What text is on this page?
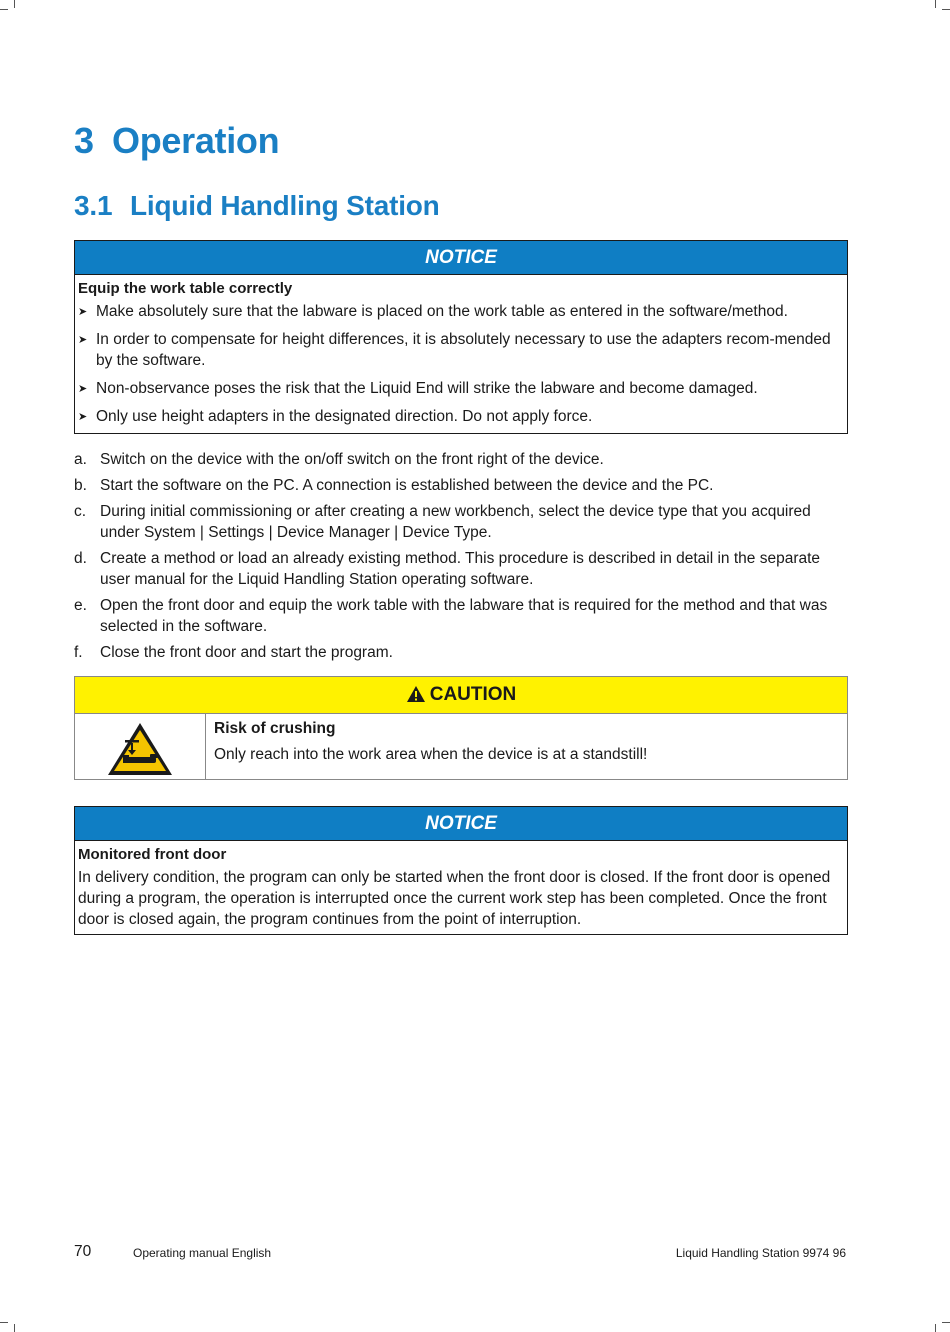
3 Operation
3.1 Liquid Handling Station
NOTICE
Equip the work table correctly
➤ Make absolutely sure that the labware is placed on the work table as entered in the software/method.
➤ In order to compensate for height differences, it is absolutely necessary to use the adapters recom-mended by the software.
➤ Non-observance poses the risk that the Liquid End will strike the labware and become damaged.
➤ Only use height adapters in the designated direction. Do not apply force.
a. Switch on the device with the on/off switch on the front right of the device.
b. Start the software on the PC. A connection is established between the device and the PC.
c. During initial commissioning or after creating a new workbench, select the device type that you acquired under System | Settings | Device Manager | Device Type.
d. Create a method or load an already existing method. This procedure is described in detail in the separate user manual for the Liquid Handling Station operating software.
e. Open the front door and equip the work table with the labware that is required for the method and that was selected in the software.
f. Close the front door and start the program.
CAUTION
Risk of crushing
Only reach into the work area when the device is at a standstill!
NOTICE
Monitored front door
In delivery condition, the program can only be started when the front door is closed. If the front door is opened during a program, the operation is interrupted once the current work step has been completed. Once the front door is closed again, the program continues from the point of interruption.
70	Operating manual English	Liquid Handling Station 9974 96
